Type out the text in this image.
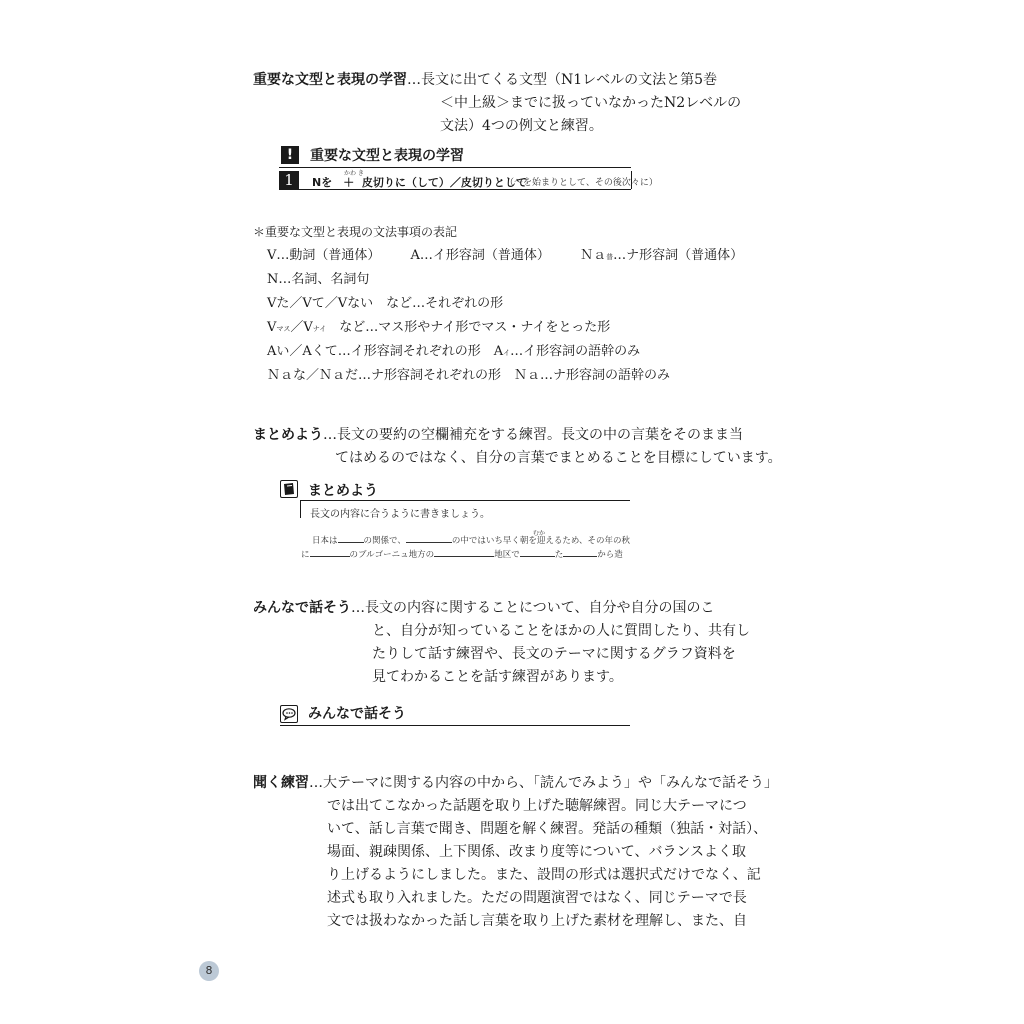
重要な文型と表現の学習…長文に出てくる文型（N1レベルの文法と第5巻
＜中上級＞までに扱っていなかったN2レベルの
文法）4つの例文と練習。
!	重要な文型と表現の学習
1	かわ き
Nを　＋ 皮切りに（して）／皮切りとして
（～を始まりとして、その後次々に）
＊重要な文型と表現の文法事項の表記
V…動詞（普通体） A…イ形容詞（普通体） Ｎａ普…ナ形容詞（普通体）
N…名詞、名詞句
Vた／Vて／Vない　など…それぞれの形
Vマス／Vナイ　など…マス形やナイ形でマス・ナイをとった形
Aい／Aくて…イ形容詞それぞれの形　Aイ…イ形容詞の語幹のみ
Ｎａな／Ｎａだ…ナ形容詞それぞれの形　Ｎａ…ナ形容詞の語幹のみ
まとめよう…長文の要約の空欄補充をする練習。長文の中の言葉をそのまま当
てはめるのではなく、自分の言葉でまとめることを目標にしています。
まとめよう
長文の内容に合うように書きましょう。
むか
日本は	の関係で、	の中ではいち早く朝を迎えるため、その年の秋
に	のブルゴーニュ地方の	地区で	た	から造
みんなで話そう…長文の内容に関することについて、自分や自分の国のこ
と、自分が知っていることをほかの人に質問したり、共有し
たりして話す練習や、長文のテーマに関するグラフ資料を
見てわかることを話す練習があります。
みんなで話そう
聞く練習…大テーマに関する内容の中から、「読んでみよう」や「みんなで話そう」
では出てこなかった話題を取り上げた聴解練習。同じ大テーマにつ
いて、話し言葉で聞き、問題を解く練習。発話の種類（独話・対話）、
場面、親疎関係、上下関係、改まり度等について、バランスよく取
り上げるようにしました。また、設問の形式は選択式だけでなく、記
述式も取り入れました。ただの問題演習ではなく、同じテーマで長
文では扱わなかった話し言葉を取り上げた素材を理解し、また、自
8
